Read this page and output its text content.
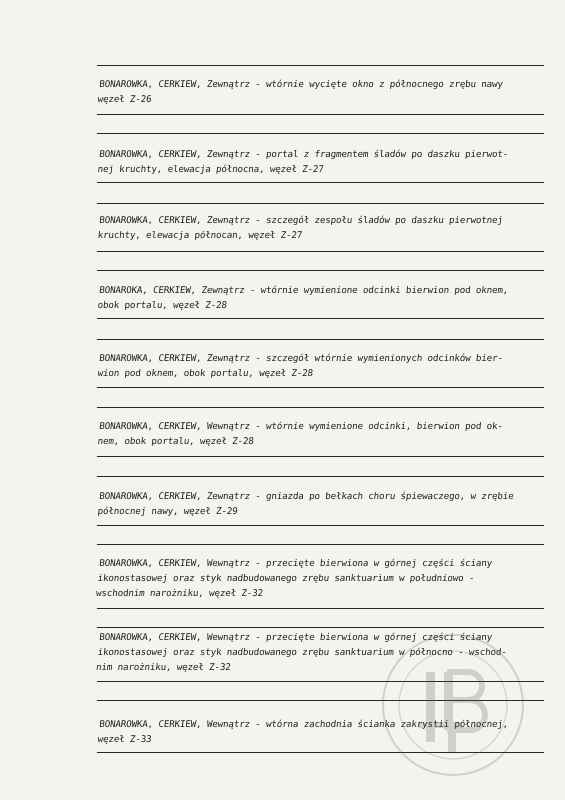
BONAROWKA, CERKIEW, Zewnątrz - wtórnie wycięte okno z północnego zrębu nawy
węzeł Z-26
BONAROWKA, CERKIEW, Zewnątrz - portal z fragmentem śladów po daszku pierwot-
nej kruchty, elewacja północna, węzeł Z-27
BONAROWKA, CERKIEW, Zewnątrz - szczegół zespołu śladów po daszku pierwotnej
kruchty, elewacja północan, węzeł Z-27
BONAROKA, CERKIEW, Zewnątrz - wtórnie wymienione odcinki bierwion pod oknem,
obok portalu, węzeł Z-28
BONAROWKA, CERKIEW, Zewnątrz - szczegół wtórnie wymienionych odcinków bier-
wion pod oknem, obok portalu, węzeł Z-28
BONAROWKA, CERKIEW, Wewnątrz - wtórnie wymienione odcinki, bierwion pod ok-
nem, obok portalu, węzeł Z-28
BONAROWKA, CERKIEW, Zewnątrz - gniazda po bełkach choru śpiewaczego, w zrębie
północnej nawy, węzeł Z-29
BONAROWKA, CERKIEW, Wewnątrz - przecięte bierwiona w górnej części ściany
ikonostasowej oraz styk nadbudowanego zrębu sanktuarium w południowo -
wschodnim narożniku, węzeł Z-32
BONAROWKA, CERKIEW, Wewnątrz - przecięte bierwiona w górnej części ściany
ikonostasowej oraz styk nadbudowanego zrębu sanktuarium w północno - wschod-
nim narożniku, węzeł Z-32
BONAROWKA, CERKIEW, Wewnątrz - wtórna zachodnia ścianka zakrystii północnej,
węzeł Z-33
